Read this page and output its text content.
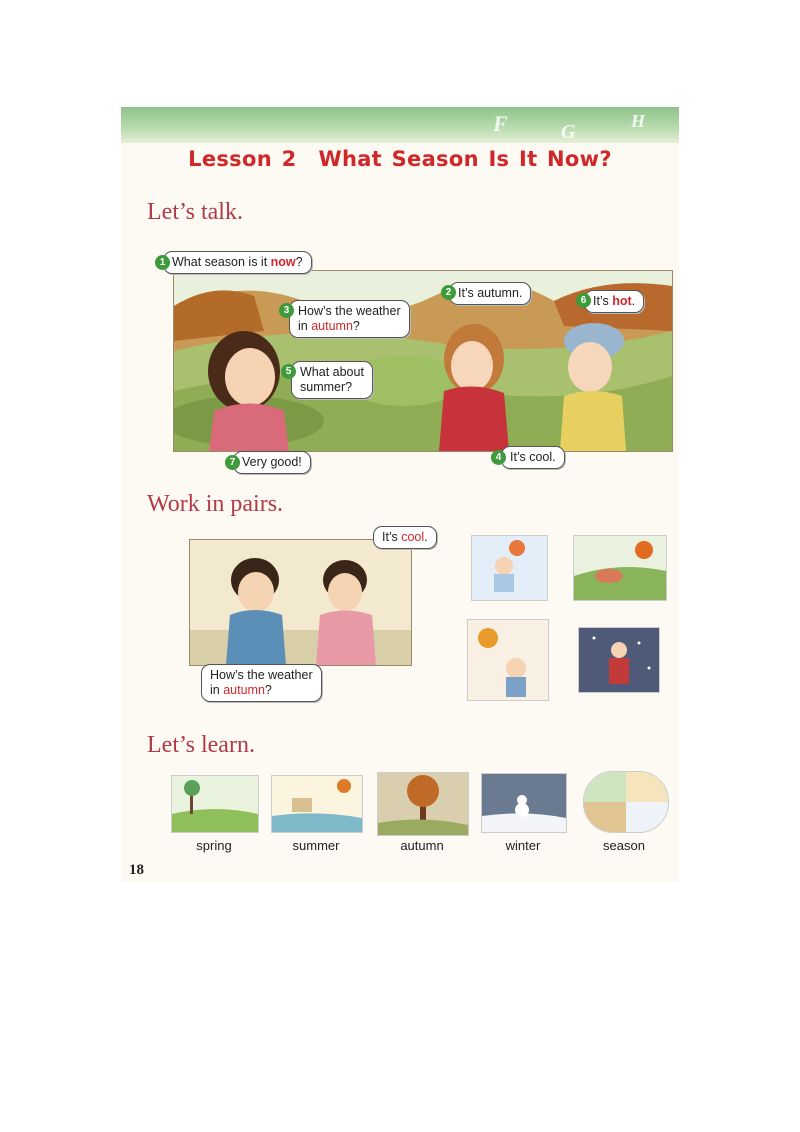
F	G	H
Lesson 2 What Season Is It Now?
Let’s talk.
What season is it now?
1
It’s autumn.
2
How’s the weather
in autumn?
3
It’s cool.
4
What about
summer?
5
It’s hot.
6
Very good!
7
Work in pairs.
It’s cool.
How’s the weather
in autumn?
Let’s learn.
spring	summer	autumn	winter	season
18
